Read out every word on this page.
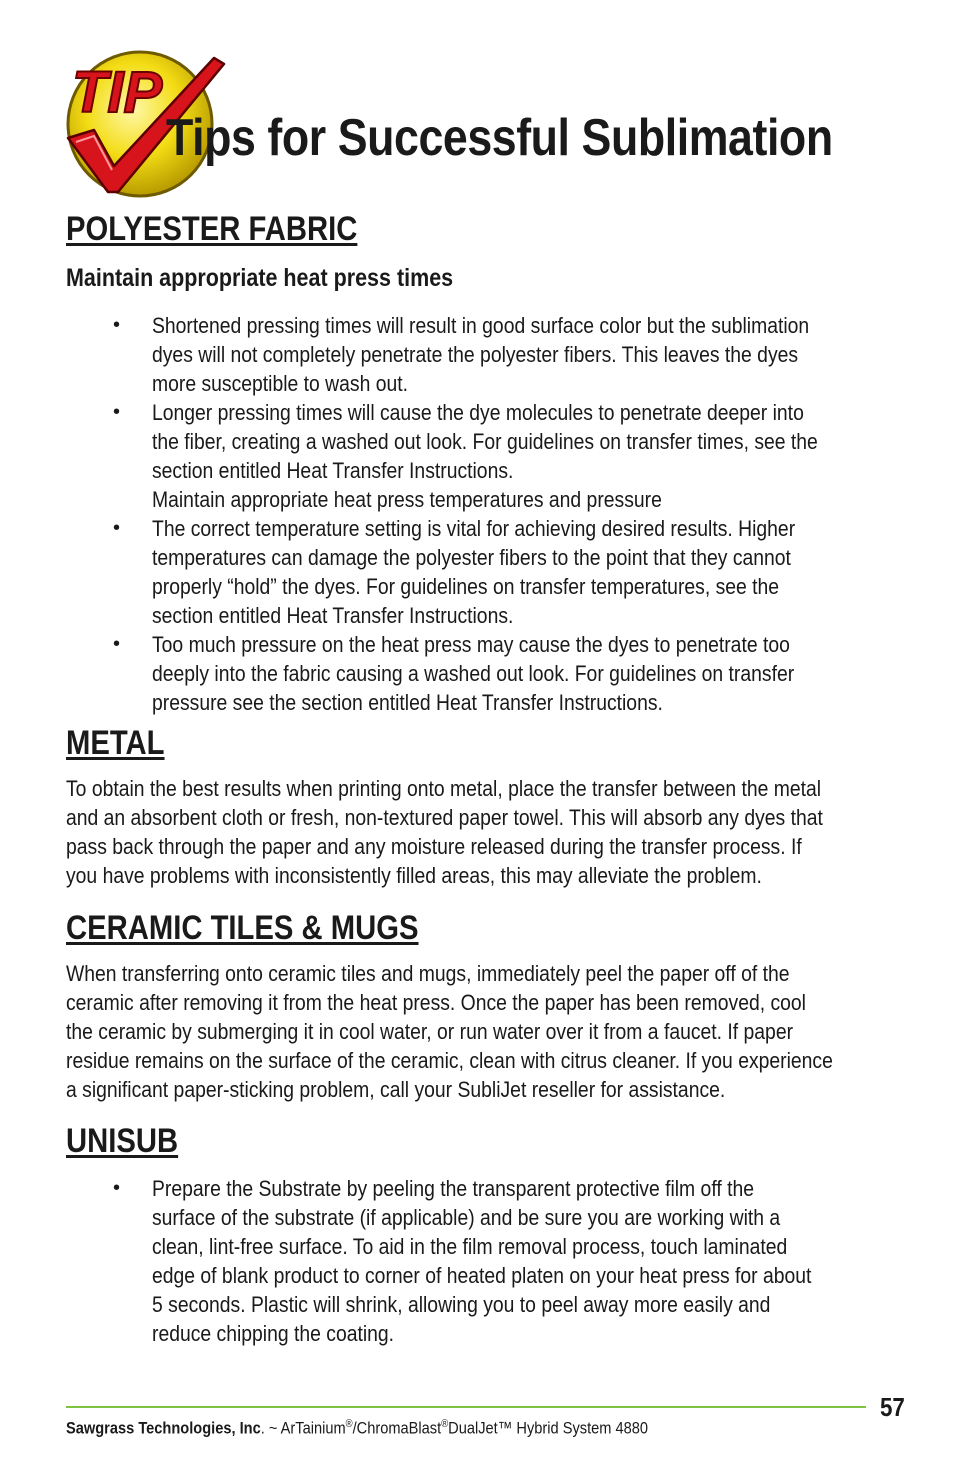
TIP
Tips for Successful Sublimation
POLYESTER FABRIC
Maintain appropriate heat press times
• Shortened pressing times will result in good surface color but the sublimation
dyes will not completely penetrate the polyester fibers. This leaves the dyes
more susceptible to wash out.
• Longer pressing times will cause the dye molecules to penetrate deeper into
the fiber, creating a washed out look. For guidelines on transfer times, see the
section entitled Heat Transfer Instructions.
Maintain appropriate heat press temperatures and pressure
• The correct temperature setting is vital for achieving desired results. Higher
temperatures can damage the polyester fibers to the point that they cannot
properly “hold” the dyes. For guidelines on transfer temperatures, see the
section entitled Heat Transfer Instructions.
• Too much pressure on the heat press may cause the dyes to penetrate too
deeply into the fabric causing a washed out look. For guidelines on transfer
pressure see the section entitled Heat Transfer Instructions.
METAL
To obtain the best results when printing onto metal, place the transfer between the metal
and an absorbent cloth or fresh, non-textured paper towel. This will absorb any dyes that
pass back through the paper and any moisture released during the transfer process. If
you have problems with inconsistently filled areas, this may alleviate the problem.
CERAMIC TILES & MUGS
When transferring onto ceramic tiles and mugs, immediately peel the paper off of the
ceramic after removing it from the heat press. Once the paper has been removed, cool
the ceramic by submerging it in cool water, or run water over it from a faucet. If paper
residue remains on the surface of the ceramic, clean with citrus cleaner. If you experience
a significant paper-sticking problem, call your SubliJet reseller for assistance.
UNISUB
• Prepare the Substrate by peeling the transparent protective film off the
surface of the substrate (if applicable) and be sure you are working with a
clean, lint-free surface. To aid in the film removal process, touch laminated
edge of blank product to corner of heated platen on your heat press for about
5 seconds. Plastic will shrink, allowing you to peel away more easily and
reduce chipping the coating.
Sawgrass Technologies, Inc. ~ ArTainium®/ChromaBlast®DualJet™ Hybrid System 4880
57
